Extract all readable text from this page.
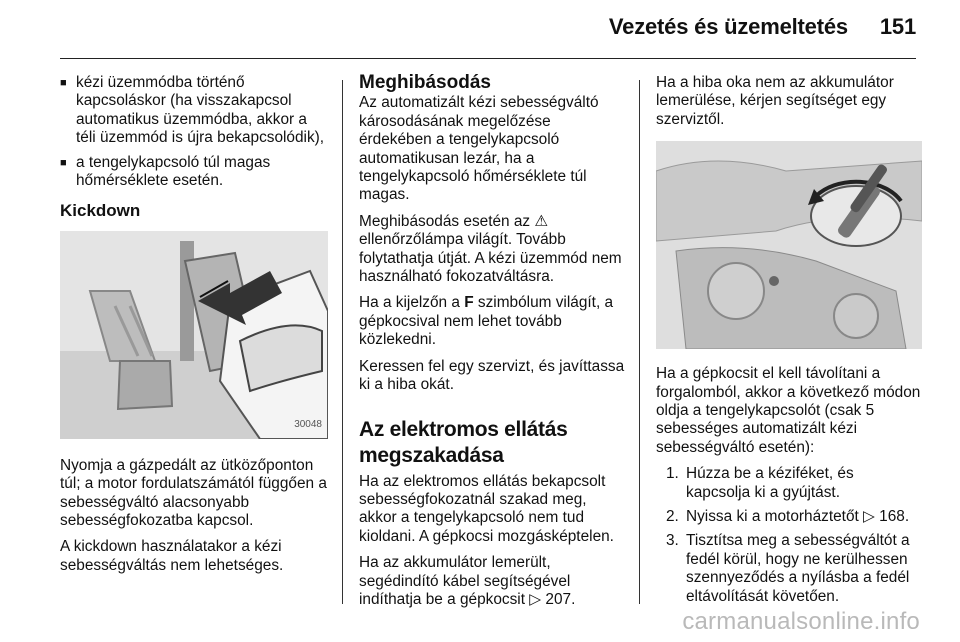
Vezetés és üzemeltetés 151
■ kézi üzemmódba történő kapcsoláskor (ha visszakapcsol automatikus üzemmódba, akkor a téli üzemmód is újra bekapcsolódik),
■ a tengelykapcsoló túl magas hőmérséklete esetén.
Kickdown
30048

Nyomja a gázpedált az ütközőponton túl; a motor fordulatszámától függően a sebességváltó alacsonyabb sebességfokozatba kapcsol.

A kickdown használatakor a kézi sebességváltás nem lehetséges.

Meghibásodás

Az automatizált kézi sebességváltó károsodásának megelőzése érdekében a tengelykapcsoló automatikusan lezár, ha a tengelykapcsoló hőmérséklete túl magas.

Meghibásodás esetén az ⚠ ellenőrzőlámpa világít. Tovább folytathatja útját. A kézi üzemmód nem használható fokozatváltásra.

Ha a kijelzőn a F szimbólum világít, a gépkocsival nem lehet tovább közlekedni.

Keressen fel egy szervizt, és javíttassa ki a hiba okát.

Az elektromos ellátás megszakadása

Ha az elektromos ellátás bekapcsolt sebességfokozatnál szakad meg, akkor a tengelykapcsoló nem tud kioldani. A gépkocsi mozgásképtelen.

Ha az akkumulátor lemerült, segédindító kábel segítségével indíthatja be a gépkocsit ▷ 207.

Ha a hiba oka nem az akkumulátor lemerülése, kérjen segítséget egy szerviztől.

Ha a gépkocsit el kell távolítani a forgalomból, akkor a következő módon oldja a tengelykapcsolót (csak 5 sebességes automatizált kézi sebességváltó esetén):

1. Húzza be a kéziféket, és kapcsolja ki a gyújtást.
2. Nyissa ki a motorháztetőt ▷ 168.
3. Tisztítsa meg a sebességváltót a fedél körül, hogy ne kerülhessen szennyeződés a nyílásba a fedél eltávolítását követően.
carmanualsonline.info
